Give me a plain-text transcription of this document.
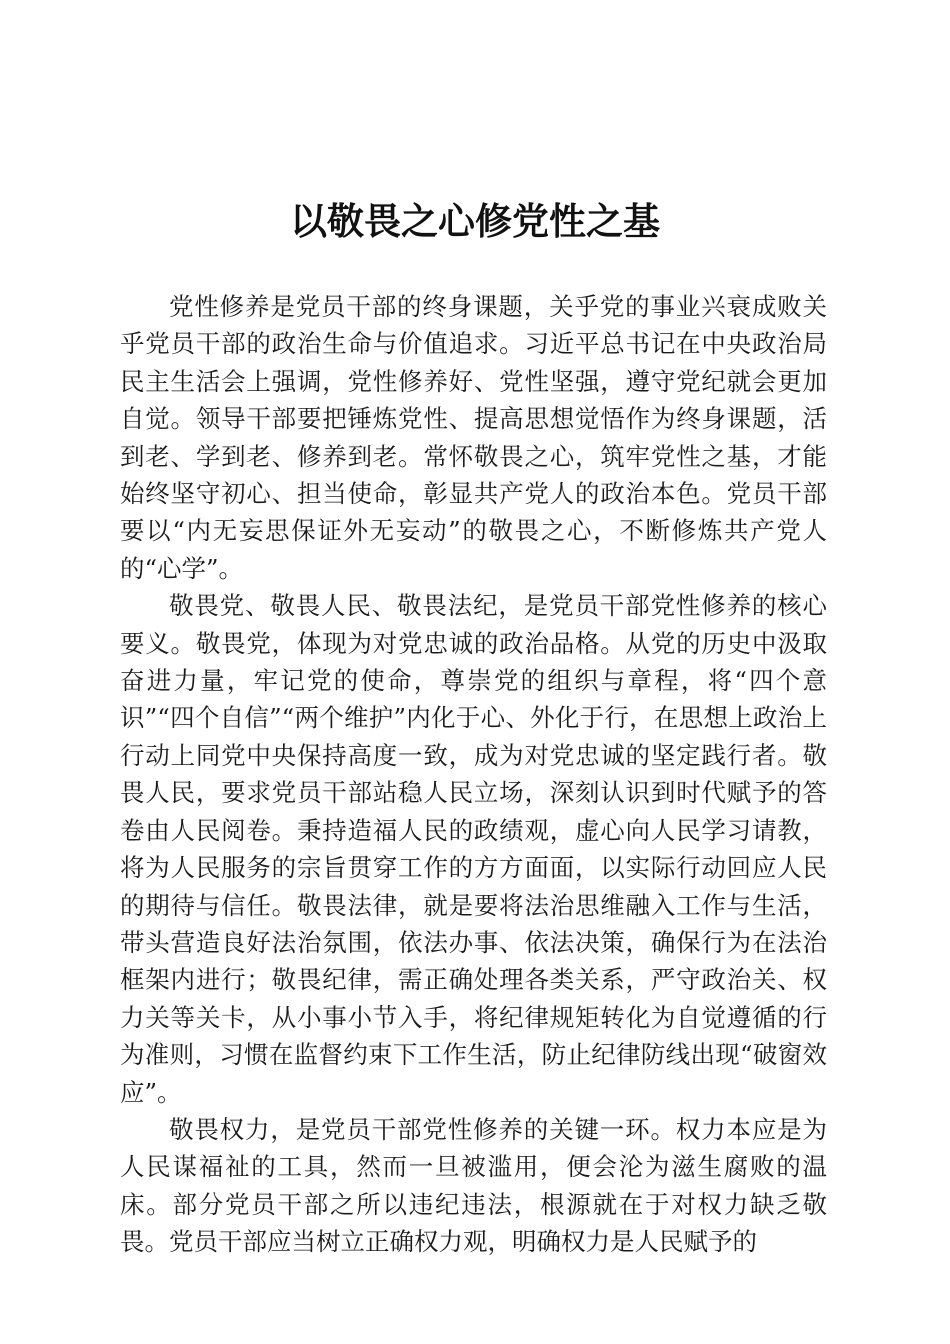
以敬畏之心修党性之基

党性修养是党员干部的终身课题，关乎党的事业兴衰成败关乎党员干部的政治生命与价值追求。习近平总书记在中央政治局民主生活会上强调，党性修养好、党性坚强，遵守党纪就会更加自觉。领导干部要把锤炼党性、提高思想觉悟作为终身课题，活到老、学到老、修养到老。常怀敬畏之心，筑牢党性之基，才能始终坚守初心、担当使命，彰显共产党人的政治本色。党员干部要以“内无妄思保证外无妄动”的敬畏之心，不断修炼共产党人的“心学”。

敬畏党、敬畏人民、敬畏法纪，是党员干部党性修养的核心要义。敬畏党，体现为对党忠诚的政治品格。从党的历史中汲取奋进力量，牢记党的使命，尊崇党的组织与章程，将“四个意识”“四个自信”“两个维护”内化于心、外化于行，在思想上政治上行动上同党中央保持高度一致，成为对党忠诚的坚定践行者。敬畏人民，要求党员干部站稳人民立场，深刻认识到时代赋予的答卷由人民阅卷。秉持造福人民的政绩观，虚心向人民学习请教，将为人民服务的宗旨贯穿工作的方方面面，以实际行动回应人民的期待与信任。敬畏法律，就是要将法治思维融入工作与生活，带头营造良好法治氛围，依法办事、依法决策，确保行为在法治框架内进行；敬畏纪律，需正确处理各类关系，严守政治关、权力关等关卡，从小事小节入手，将纪律规矩转化为自觉遵循的行为准则，习惯在监督约束下工作生活，防止纪律防线出现“破窗效应”。

敬畏权力，是党员干部党性修养的关键一环。权力本应是为人民谋福祉的工具，然而一旦被滥用，便会沦为滋生腐败的温床。部分党员干部之所以违纪违法，根源就在于对权力缺乏敬畏。党员干部应当树立正确权力观，明确权力是人民赋予的
